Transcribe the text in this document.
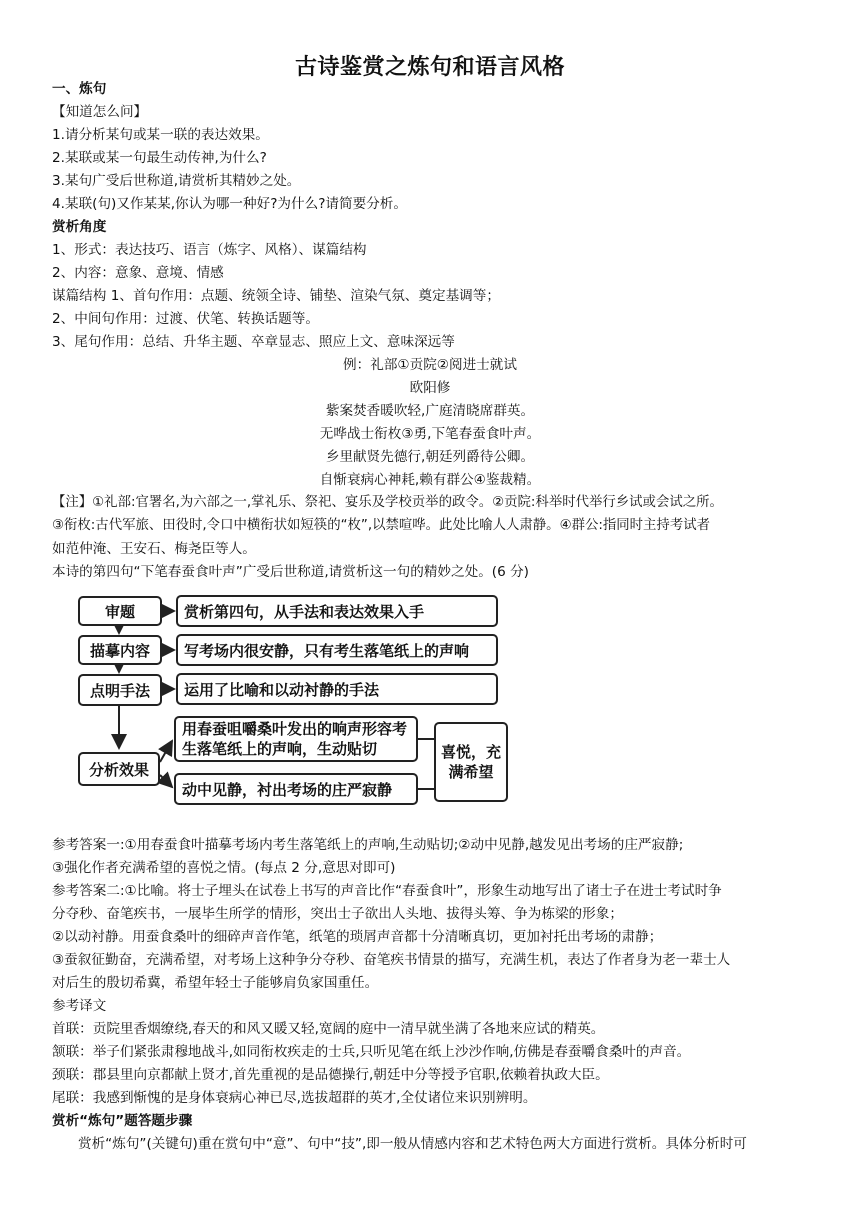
古诗鉴赏之炼句和语言风格
一、炼句
【知道怎么问】
1.请分析某句或某一联的表达效果。
2.某联或某一句最生动传神,为什么?
3.某句广受后世称道,请赏析其精妙之处。
4.某联(句)又作某某,你认为哪一种好?为什么?请简要分析。
赏析角度
1、形式：表达技巧、语言（炼字、风格）、谋篇结构
2、内容：意象、意境、情感
谋篇结构 1、首句作用：点题、统领全诗、铺垫、渲染气氛、奠定基调等；
2、中间句作用：过渡、伏笔、转换话题等。
3、尾句作用：总结、升华主题、卒章显志、照应上文、意味深远等
例：礼部①贡院②阅进士就试
欧阳修
紫案焚香暖吹轻,广庭清晓席群英。
无哗战士衔枚③勇,下笔春蚕食叶声。
乡里献贤先德行,朝廷列爵待公卿。
自惭衰病心神耗,赖有群公④鉴裁精。
【注】①礼部:官署名,为六部之一,掌礼乐、祭祀、宴乐及学校贡举的政令。②贡院:科举时代举行乡试或会试之所。
③衔枚:古代军旅、田役时,令口中横衔状如短筷的“枚”,以禁喧哗。此处比喻人人肃静。④群公:指同时主持考试者
如范仲淹、王安石、梅尧臣等人。
本诗的第四句“下笔春蚕食叶声”广受后世称道,请赏析这一句的精妙之处。(6 分)
审题	赏析第四句，从手法和表达效果入手
描摹内容	写考场内很安静，只有考生落笔纸上的声响
点明手法	运用了比喻和以动衬静的手法
分析效果
用春蚕咀嚼桑叶发出的响声形容考生落笔纸上的声响，生动贴切
动中见静，衬出考场的庄严寂静
喜悦，充满希望
参考答案一:①用春蚕食叶描摹考场内考生落笔纸上的声响,生动贴切;②动中见静,越发见出考场的庄严寂静;
③强化作者充满希望的喜悦之情。(每点 2 分,意思对即可)
参考答案二:①比喻。将士子埋头在试卷上书写的声音比作“春蚕食叶”，形象生动地写出了诸士子在进士考试时争
分夺秒、奋笔疾书，一展毕生所学的情形，突出士子欲出人头地、拔得头筹、争为栋梁的形象；
②以动衬静。用蚕食桑叶的细碎声音作笔，纸笔的琐屑声音都十分清晰真切，更加衬托出考场的肃静；
③蚕叙征勤奋，充满希望，对考场上这种争分夺秒、奋笔疾书情景的描写，充满生机，表达了作者身为老一辈士人
对后生的殷切希冀，希望年轻士子能够肩负家国重任。
参考译文
首联：贡院里香烟缭绕,春天的和风又暖又轻,宽阔的庭中一清早就坐满了各地来应试的精英。
颔联：举子们紧张肃穆地战斗,如同衔枚疾走的士兵,只听见笔在纸上沙沙作响,仿佛是春蚕嚼食桑叶的声音。
颈联：郡县里向京都献上贤才,首先重视的是品德操行,朝廷中分等授予官职,依赖着执政大臣。
尾联：我感到惭愧的是身体衰病心神已尽,选拔超群的英才,全仗诸位来识别辨明。
赏析“炼句”题答题步骤
赏析“炼句”(关键句)重在赏句中“意”、句中“技”,即一般从情感内容和艺术特色两大方面进行赏析。具体分析时可
